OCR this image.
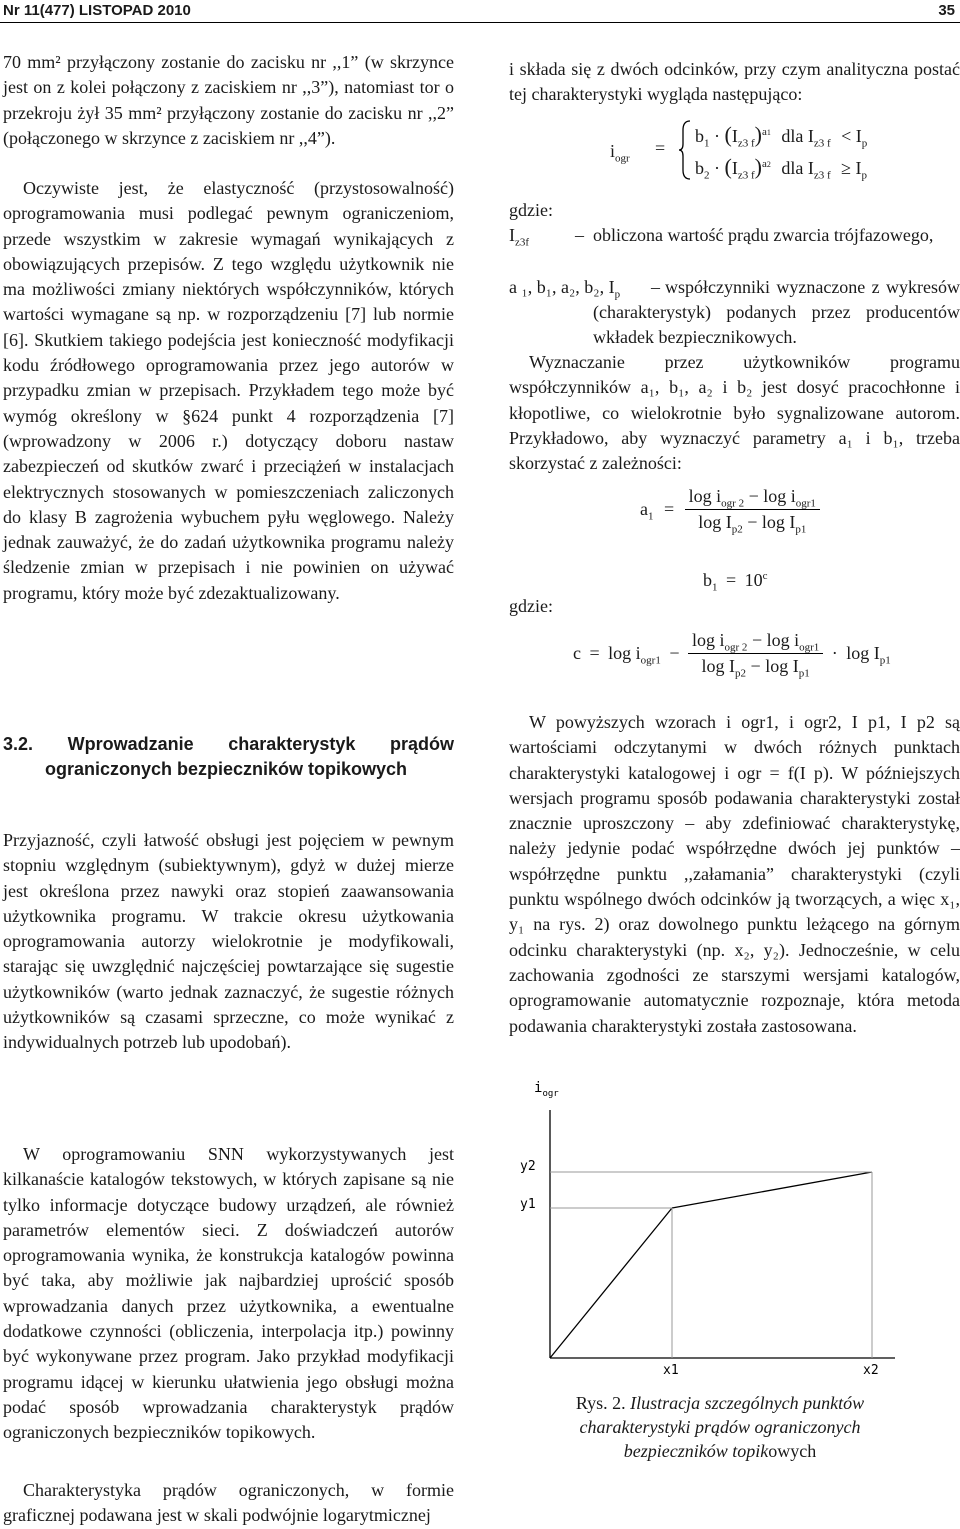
Nr 11(477) LISTOPAD 2010	35

70 mm² przyłączony zostanie do zacisku nr ,,1” (w skrzynce jest on z kolei połączony z zaciskiem nr ,,3”), natomiast tor o przekroju żył 35 mm² przyłączony zostanie do zacisku nr ,,2” (połączonego w skrzynce z zaciskiem nr ,,4”).

Oczywiste jest, że elastyczność (przystosowalność) oprogramowania musi podlegać pewnym ograniczeniom, przede wszystkim w zakresie wymagań wynikających z obowiązujących przepisów. Z tego względu użytkownik nie ma możliwości zmiany niektórych współczynników, których wartości wymagane są np. w rozporządzeniu [7] lub normie [6]. Skutkiem takiego podejścia jest konieczność modyfikacji kodu źródłowego oprogramowania przez jego autorów w przypadku zmian w przepisach. Przykładem tego może być wymóg określony w §624 punkt 4 rozporządzenia [7] (wprowadzony w 2006 r.) dotyczący doboru nastaw zabezpieczeń od skutków zwarć i przeciążeń w instalacjach elektrycznych stosowanych w pomieszczeniach zaliczonych do klasy B zagrożenia wybuchem pyłu węglowego. Należy jednak zauważyć, że do zadań użytkownika programu należy śledzenie zmian w przepisach i nie powinien on używać programu, który może być zdezaktualizowany.

3.2. Wprowadzanie charakterystyk prądów
ograniczonych bezpieczników topikowych

Przyjazność, czyli łatwość obsługi jest pojęciem w pewnym stopniu względnym (subiektywnym), gdyż w dużej mierze jest określona przez nawyki oraz stopień zaawansowania użytkownika programu. W trakcie okresu użytkowania oprogramowania autorzy wielokrotnie je modyfikowali, starając się uwzględnić najczęściej powtarzające się sugestie użytkowników (warto jednak zaznaczyć, że sugestie różnych użytkowników są czasami sprzeczne, co może wynikać z indywidualnych potrzeb lub upodobań).

W oprogramowaniu SNN wykorzystywanych jest kilkanaście katalogów tekstowych, w których zapisane są nie tylko informacje dotyczące budowy urządzeń, ale również parametrów elementów sieci. Z doświadczeń autorów oprogramowania wynika, że konstrukcja katalogów powinna być taka, aby możliwie jak najbardziej uprościć sposób wprowadzania danych przez użytkownika, a ewentualne dodatkowe czynności (obliczenia, interpolacja itp.) powinny być wykonywane przez program. Jako przykład modyfikacji programu idącej w kierunku ułatwienia jego obsługi można podać sposób wprowadzania charakterystyk prądów ograniczonych bezpieczników topikowych.

Charakterystyka prądów ograniczonych, w formie graficznej podawana jest w skali podwójnie logarytmicznej

i składa się z dwóch odcinków, przy czym analityczna postać tej charakterystyki wygląda następująco:

$i_{ogr}$
=
$b_1 \cdot (I_{z3 f})^{a1}$ dla $I_{z3 f} < I_p$
$b_2 \cdot (I_{z3 f})^{a2}$ dla $I_{z3 f} \ge I_p$
gdzie:
$I_{z3f}$	– obliczona wartość prądu zwarcia trójfazowego,
a ₁, b₁, a₂, b₂, $I_p$ – współczynniki wyznaczone z wykresów (charakterystyk) podanych przez producentów wkładek bezpiecznikowych.

Wyznaczanie przez użytkowników programu współczynników a₁, b₁, a₂ i b₂ jest dosyć pracochłonne i kłopotliwe, co wielokrotnie było sygnalizowane autorom. Przykładowo, aby wyznaczyć parametry a₁ i b₁, trzeba skorzystać z zależności:

$a_1 = \frac{\log i_{ogr 2} - \log i_{ogr1}}{\log I_{p2} - \log I_{p1}}$
$b_1 = 10^c$
gdzie:
$c = \log i_{ogr1} - \frac{\log i_{ogr 2} - \log i_{ogr1}}{\log I_{p2} - \log I_{p1}} \cdot \log I_{p1}$

W powyższych wzorach i ogr1, i ogr2, I p1, I p2 są wartościami odczytanymi w dwóch różnych punktach charakterystyki katalogowej i ogr = f(I p). W późniejszych wersjach programu sposób podawania charakterystyki został znacznie uproszczony – aby zdefiniować charakterystykę, należy jedynie podać współrzędne dwóch jej punktów – współrzędne punktu ,,załamania” charakterystyki (czyli punktu wspólnego dwóch odcinków ją tworzących, a więc x₁, y₁ na rys. 2) oraz dowolnego punktu leżącego na górnym odcinku charakterystyki (np. x₂, y₂). Jednocześnie, w celu zachowania zgodności ze starszymi wersjami katalogów, oprogramowanie automatycznie rozpoznaje, która metoda podawania charakterystyki została zastosowana.

$i_{ogr}$
y2
y1
x1	x2
Rys. 2. Ilustracja szczególnych punktów
charakterystyki prądów ograniczonych
bezpieczników topikowych
